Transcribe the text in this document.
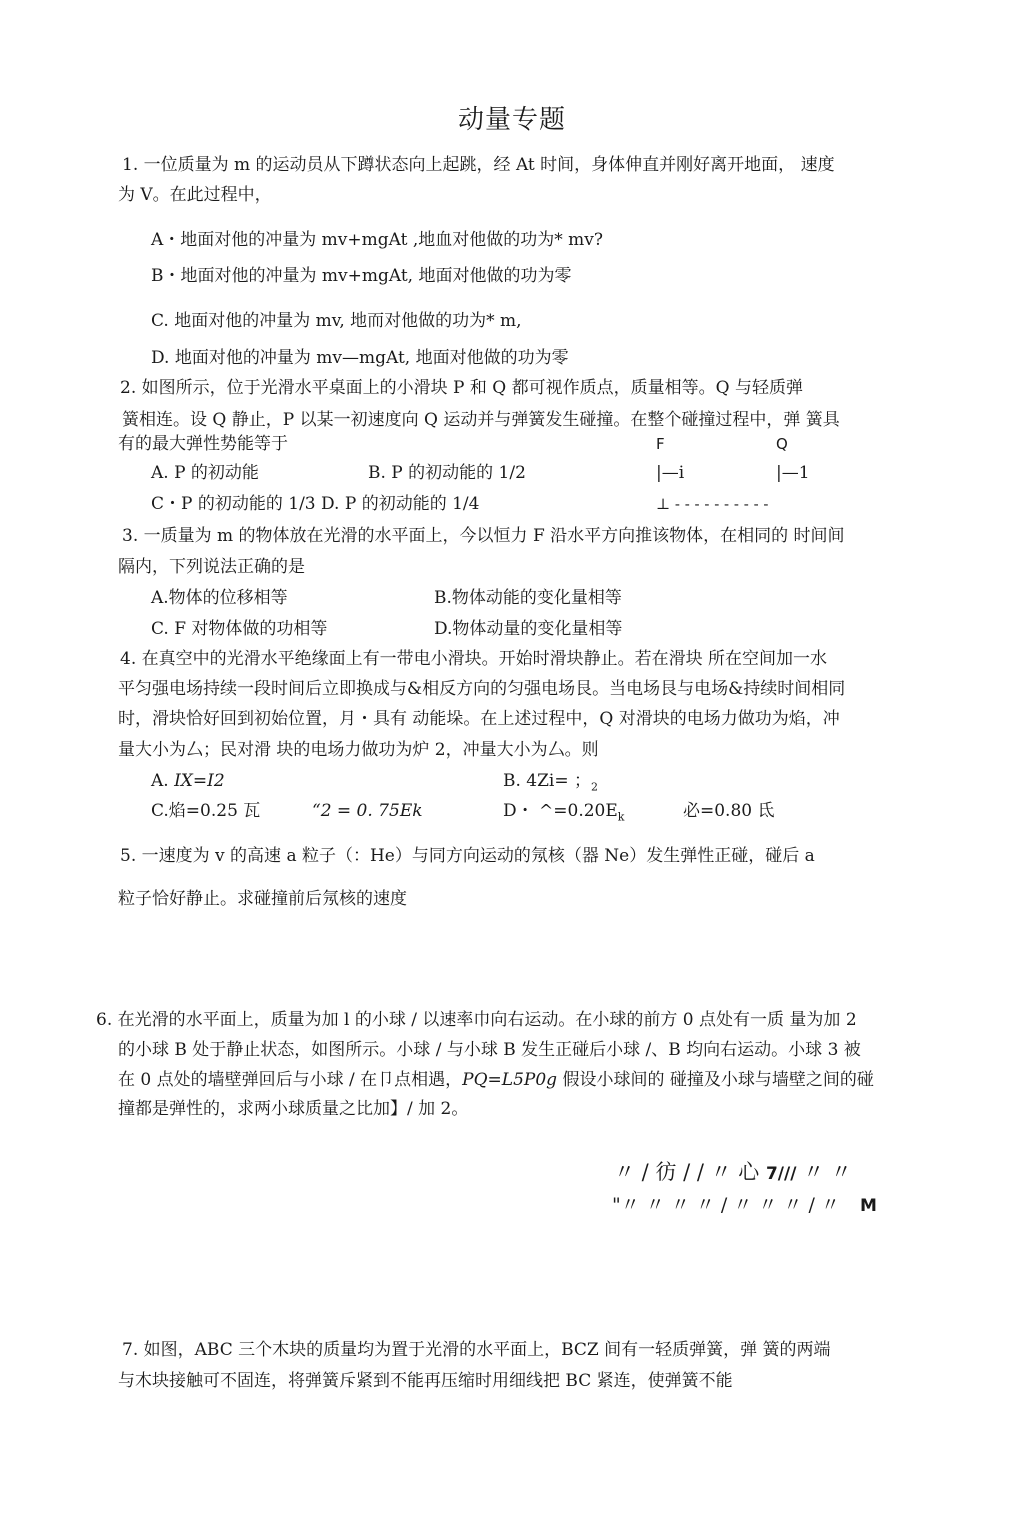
动量专题
1. 一位质量为 m 的运动员从下蹲状态向上起跳，经 At 时间，身体伸直并刚好离开地面， 速度
为 V。在此过程中，
A・地面对他的冲量为 mv+mgAt ,地血对他做的功为* mv?
B・地面对他的冲量为 mv+mgAt, 地面对他做的功为零
C. 地面对他的冲量为 mv, 地而对他做的功为* m,
D. 地面对他的冲量为 mv—mgAt, 地面对他做的功为零
2. 如图所示，位于光滑水平桌面上的小滑块 P 和 Q 都可视作质点，质量相等。Q 与轻质弹
簧相连。设 Q 静止，P 以某一初速度向 Q 运动并与弹簧发生碰撞。在整个碰撞过程中，弹 簧具
有的最大弹性势能等于	F	Q
A. P 的初动能	B. P 的初动能的 1/2	|—i	|—1
C・P 的初动能的 1/3 D. P 的初动能的 1/4	⊥ - - - - - - - - - -
3. 一质量为 m 的物体放在光滑的水平面上，今以恒力 F 沿水平方向推该物体，在相同的 时间间
隔内，下列说法正确的是
A.物体的位移相等	B.物体动能的变化量相等
C. F 对物体做的功相等	D.物体动量的变化量相等
4. 在真空中的光滑水平绝缘面上有一带电小滑块。开始时滑块静止。若在滑块 所在空间加一水
平匀强电场持续一段时间后立即换成与&相反方向的匀强电场艮。当电场艮与电场&持续时间相同
时，滑块恰好回到初始位置，月・具有 动能垛。在上述过程中，Q 对滑块的电场力做功为焰，冲
量大小为厶；民对滑 块的电场力做功为炉 2，冲量大小为厶。则
A. IX=I2	B. 4Zi= ；$_2$
C.焰=0.25 瓦	“2 = 0. 75Ek	D・ $\^{}=0.20E_k$	必=0.80 氐
5. 一速度为 v 的高速 a 粒子（：He）与同方向运动的氖核（器 Ne）发生弹性正碰，碰后 a
粒子恰好静止。求碰撞前后氖核的速度
6. 在光滑的水平面上，质量为加 l 的小球 / 以速率巾向右运动。在小球的前方 0 点处有一质 量为加 2
的小球 B 处于静止状态，如图所示。小球 / 与小球 B 发生正碰后小球 /、B 均向右运动。小球 3 被
在 0 点处的墙壁弹回后与小球 / 在卩点相遇，PQ=L5P0g 假设小球间的 碰撞及小球与墙壁之间的碰
撞都是弹性的，求两小球质量之比加】/ 加 2。
〃 / 彷 / / 〃 心 7/// 〃 〃
"〃 〃 〃 〃 / 〃 〃 〃 / 〃 M
7. 如图，ABC 三个木块的质量均为置于光滑的水平面上，BCZ 间有一轻质弹簧，弹 簧的两端
与木块接触可不固连，将弹簧斥紧到不能再压缩时用细线把 BC 紧连，使弹簧不能
